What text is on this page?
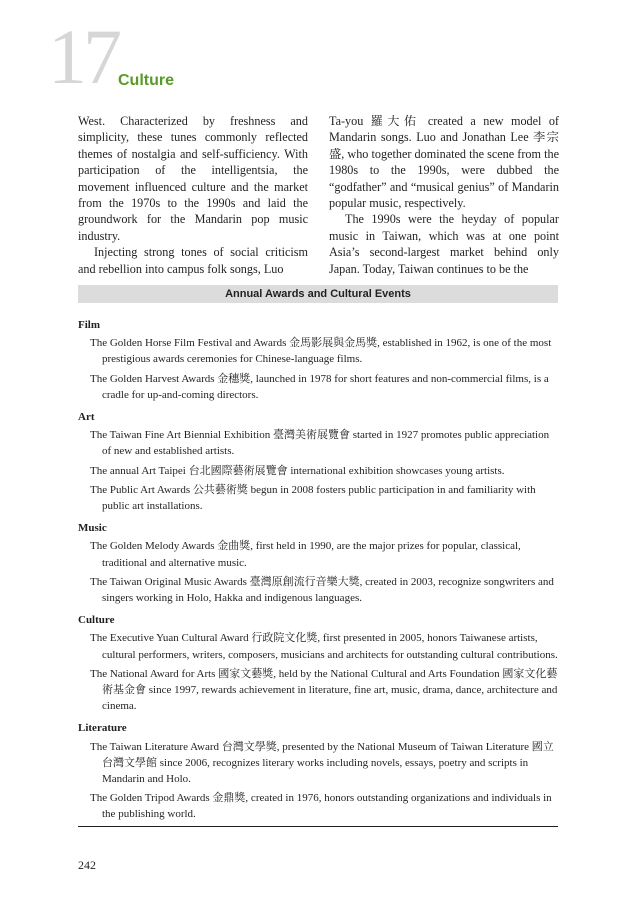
17 Culture

West. Characterized by freshness and simplicity, these tunes commonly reflected themes of nostalgia and self-sufficiency. With participation of the intelligentsia, the movement influenced culture and the market from the 1970s to the 1990s and laid the groundwork for the Mandarin pop music industry.

Injecting strong tones of social criticism and rebellion into campus folk songs, Luo

Ta-you 羅大佑 created a new model of Mandarin songs. Luo and Jonathan Lee 李宗盛, who together dominated the scene from the 1980s to the 1990s, were dubbed the “godfather” and “musical genius” of Mandarin popular music, respectively.

The 1990s were the heyday of popular music in Taiwan, which was at one point Asia’s second-largest market behind only Japan. Today, Taiwan continues to be the

Annual Awards and Cultural Events
Film
The Golden Horse Film Festival and Awards 金馬影展與金馬獎, established in 1962, is one of the most prestigious awards ceremonies for Chinese-language films.
The Golden Harvest Awards 金穗獎, launched in 1978 for short features and non-commercial films, is a cradle for up-and-coming directors.
Art
The Taiwan Fine Art Biennial Exhibition 臺灣美術展覽會 started in 1927 promotes public appreciation of new and established artists.
The annual Art Taipei 台北國際藝術展覽會 international exhibition showcases young artists.
The Public Art Awards 公共藝術獎 begun in 2008 fosters public participation in and familiarity with public art installations.
Music
The Golden Melody Awards 金曲獎, first held in 1990, are the major prizes for popular, classical, traditional and alternative music.
The Taiwan Original Music Awards 臺灣原創流行音樂大獎, created in 2003, recognize songwriters and singers working in Holo, Hakka and indigenous languages.
Culture
The Executive Yuan Cultural Award 行政院文化獎, first presented in 2005, honors Taiwanese artists, cultural performers, writers, composers, musicians and architects for outstanding cultural contributions.
The National Award for Arts 國家文藝獎, held by the National Cultural and Arts Foundation 國家文化藝術基金會 since 1997, rewards achievement in literature, fine art, music, drama, dance, architecture and cinema.
Literature
The Taiwan Literature Award 台灣文學獎, presented by the National Museum of Taiwan Literature 國立台灣文學館 since 2006, recognizes literary works including novels, essays, poetry and scripts in Mandarin and Holo.
The Golden Tripod Awards 金鼎獎, created in 1976, honors outstanding organizations and individuals in the publishing world.
242
